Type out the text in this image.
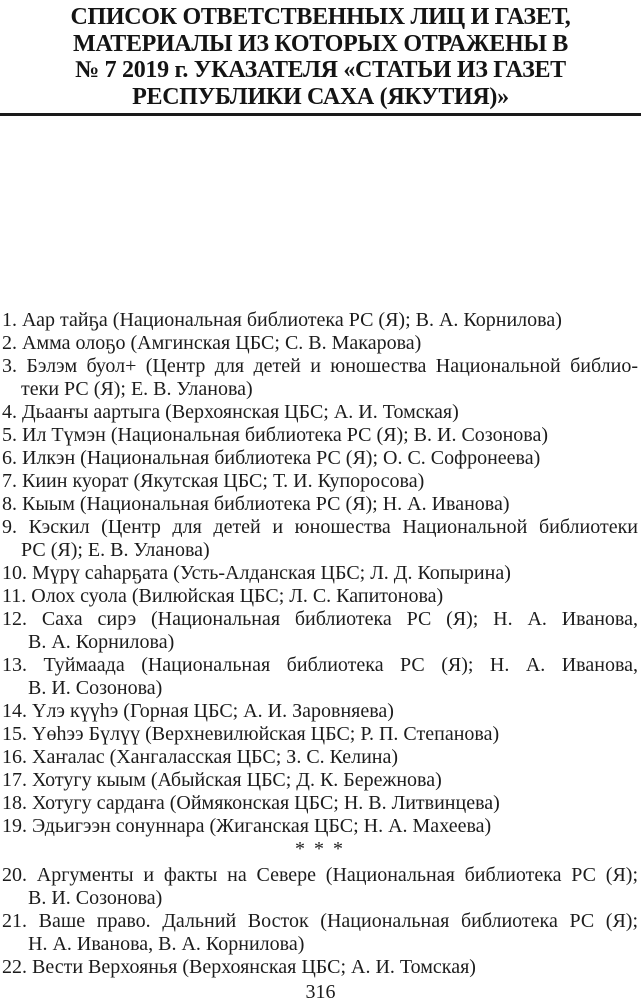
СПИСОК ОТВЕТСТВЕННЫХ ЛИЦ И ГАЗЕТ,
МАТЕРИАЛЫ ИЗ КОТОРЫХ ОТРАЖЕНЫ В
№ 7 2019 г. УКАЗАТЕЛЯ «СТАТЬИ ИЗ ГАЗЕТ
РЕСПУБЛИКИ САХА (ЯКУТИЯ)»
1. Аар тайҕа (Национальная библиотека РС (Я); В. А. Корнилова)
2. Амма олоҕо (Амгинская ЦБС; С. В. Макарова)
3. Бэлэм буол+ (Центр для детей и юношества Национальной библио-
теки РС (Я); Е. В. Уланова)
4. Дьааҥы аартыга (Верхоянская ЦБС; А. И. Томская)
5. Ил Түмэн (Национальная библиотека РС (Я); В. И. Созонова)
6. Илкэн (Национальная библиотека РС (Я); О. С. Софронеева)
7. Киин куорат (Якутская ЦБС; Т. И. Купоросова)
8. Кыым (Национальная библиотека РС (Я); Н. А. Иванова)
9. Кэскил (Центр для детей и юношества Национальной библиотеки
РС (Я); Е. В. Уланова)
10. Мүрү саһарҕата (Усть-Алданская ЦБС; Л. Д. Копырина)
11. Олох суола (Вилюйская ЦБС; Л. С. Капитонова)
12. Саха сирэ (Национальная библиотека РС (Я); Н. А. Иванова,
В. А. Корнилова)
13. Туймаада (Национальная библиотека РС (Я); Н. А. Иванова,
В. И. Созонова)
14. Үлэ күүһэ (Горная ЦБС; А. И. Заровняева)
15. Үөһээ Бүлүү (Верхневилюйская ЦБС; Р. П. Степанова)
16. Хаҥалас (Хангаласская ЦБС; З. С. Келина)
17. Хотугу кыым (Абыйская ЦБС; Д. К. Бережнова)
18. Хотугу сардаҥа (Оймяконская ЦБС; Н. В. Литвинцева)
19. Эдьигээн сонуннара (Жиганская ЦБС; Н. А. Махеева)
* * *
20. Аргументы и факты на Севере (Национальная библиотека РС (Я);
В. И. Созонова)
21. Ваше право. Дальний Восток (Национальная библиотека РС (Я);
Н. А. Иванова, В. А. Корнилова)
22. Вести Верхоянья (Верхоянская ЦБС; А. И. Томская)
316
